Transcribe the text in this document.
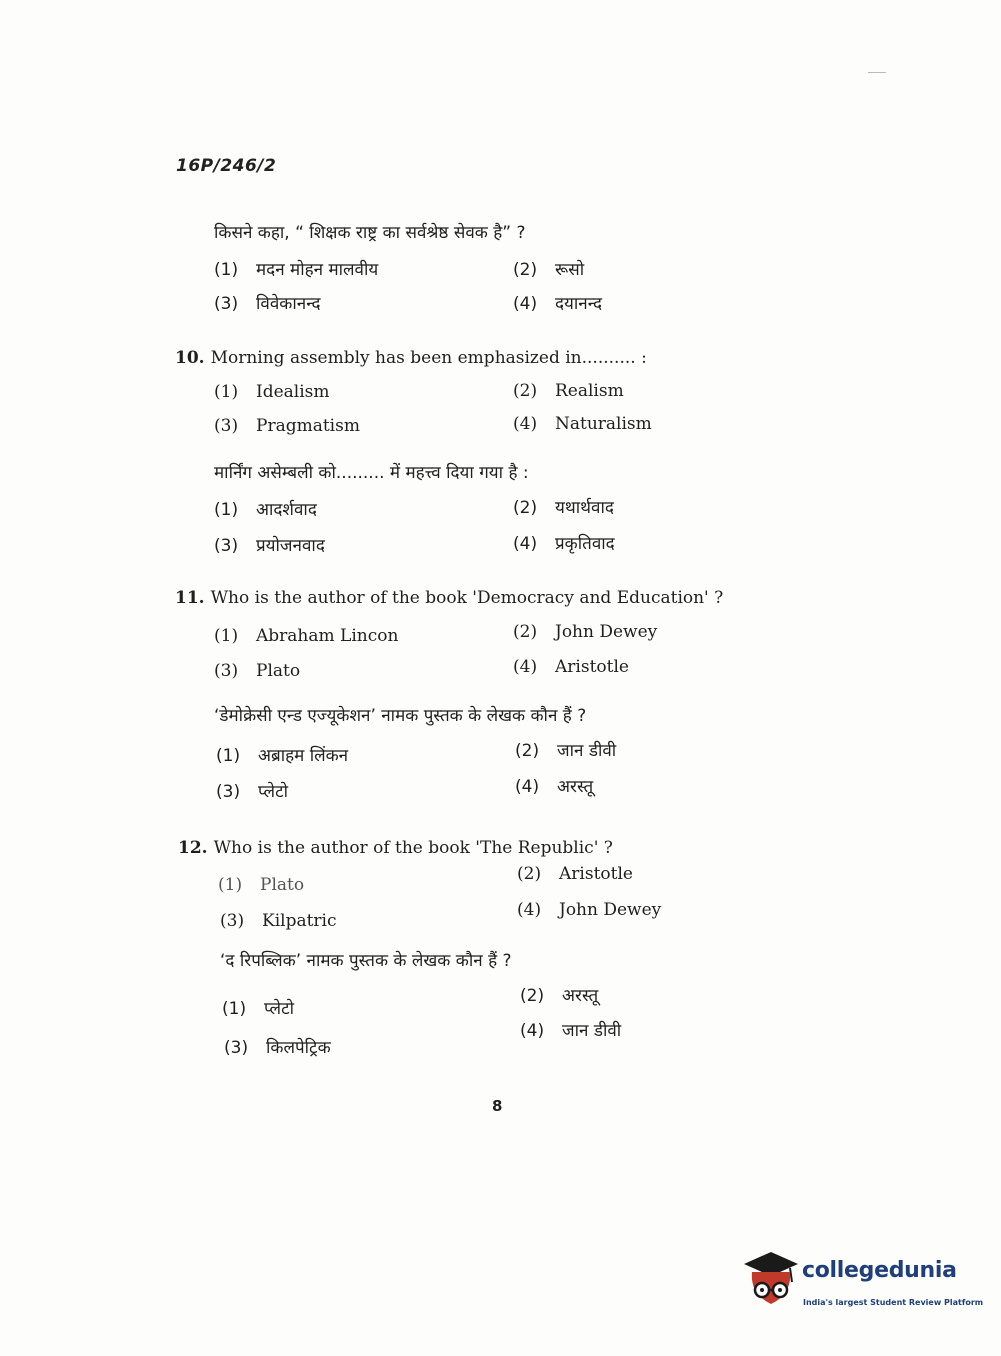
16P/246/2
किसने कहा, “ शिक्षक राष्ट्र का सर्वश्रेष्ठ सेवक है” ?
(1) मदन मोहन मालवीय	(2) रूसो
(3) विवेकानन्द	(4) दयानन्द
10. Morning assembly has been emphasized in.......... :
(1) Idealism	(2) Realism
(3) Pragmatism	(4) Naturalism
मार्निंग असेम्बली को......... में महत्त्व दिया गया है :
(1) आदर्शवाद	(2) यथार्थवाद
(3) प्रयोजनवाद	(4) प्रकृतिवाद
11. Who is the author of the book 'Democracy and Education' ?
(1) Abraham Lincon	(2) John Dewey
(3) Plato	(4) Aristotle
‘डेमोक्रेसी एन्ड एज्यूकेशन’ नामक पुस्तक के लेखक कौन हैं ?
(1) अब्राहम लिंकन	(2) जान डीवी
(3) प्लेटो	(4) अरस्तू
12. Who is the author of the book 'The Republic' ?
(1) Plato
(2) Aristotle
(3) Kilpatric
(4) John Dewey
‘द रिपब्लिक’ नामक पुस्तक के लेखक कौन हैं ?
(1) प्लेटो
(2) अरस्तू
(3) किलपेट्रिक
(4) जान डीवी
8
collegedunia
India's largest Student Review Platform
